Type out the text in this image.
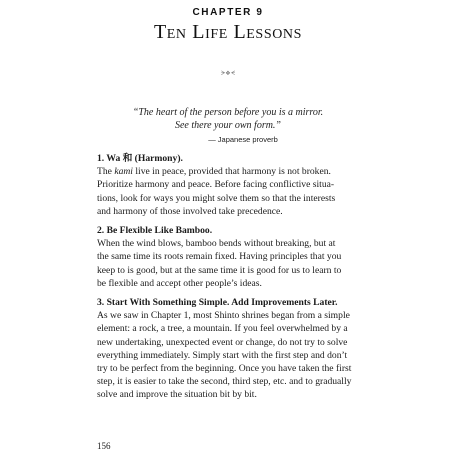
CHAPTER 9
Ten Life Lessons
ᗒ❖ᗕ
“The heart of the person before you is a mirror.
See there your own form.”
— Japanese proverb
1. Wa 和 (Harmony).
The kami live in peace, provided that harmony is not broken.
Prioritize harmony and peace. Before facing conflictive situa-
tions, look for ways you might solve them so that the interests
and harmony of those involved take precedence.
2. Be Flexible Like Bamboo.
When the wind blows, bamboo bends without breaking, but at
the same time its roots remain fixed. Having principles that you
keep to is good, but at the same time it is good for us to learn to
be flexible and accept other people’s ideas.
3. Start With Something Simple. Add Improvements Later.
As we saw in Chapter 1, most Shinto shrines began from a simple
element: a rock, a tree, a mountain. If you feel overwhelmed by a
new undertaking, unexpected event or change, do not try to solve
everything immediately. Simply start with the first step and don’t
try to be perfect from the beginning. Once you have taken the first
step, it is easier to take the second, third step, etc. and to gradually
solve and improve the situation bit by bit.
156
